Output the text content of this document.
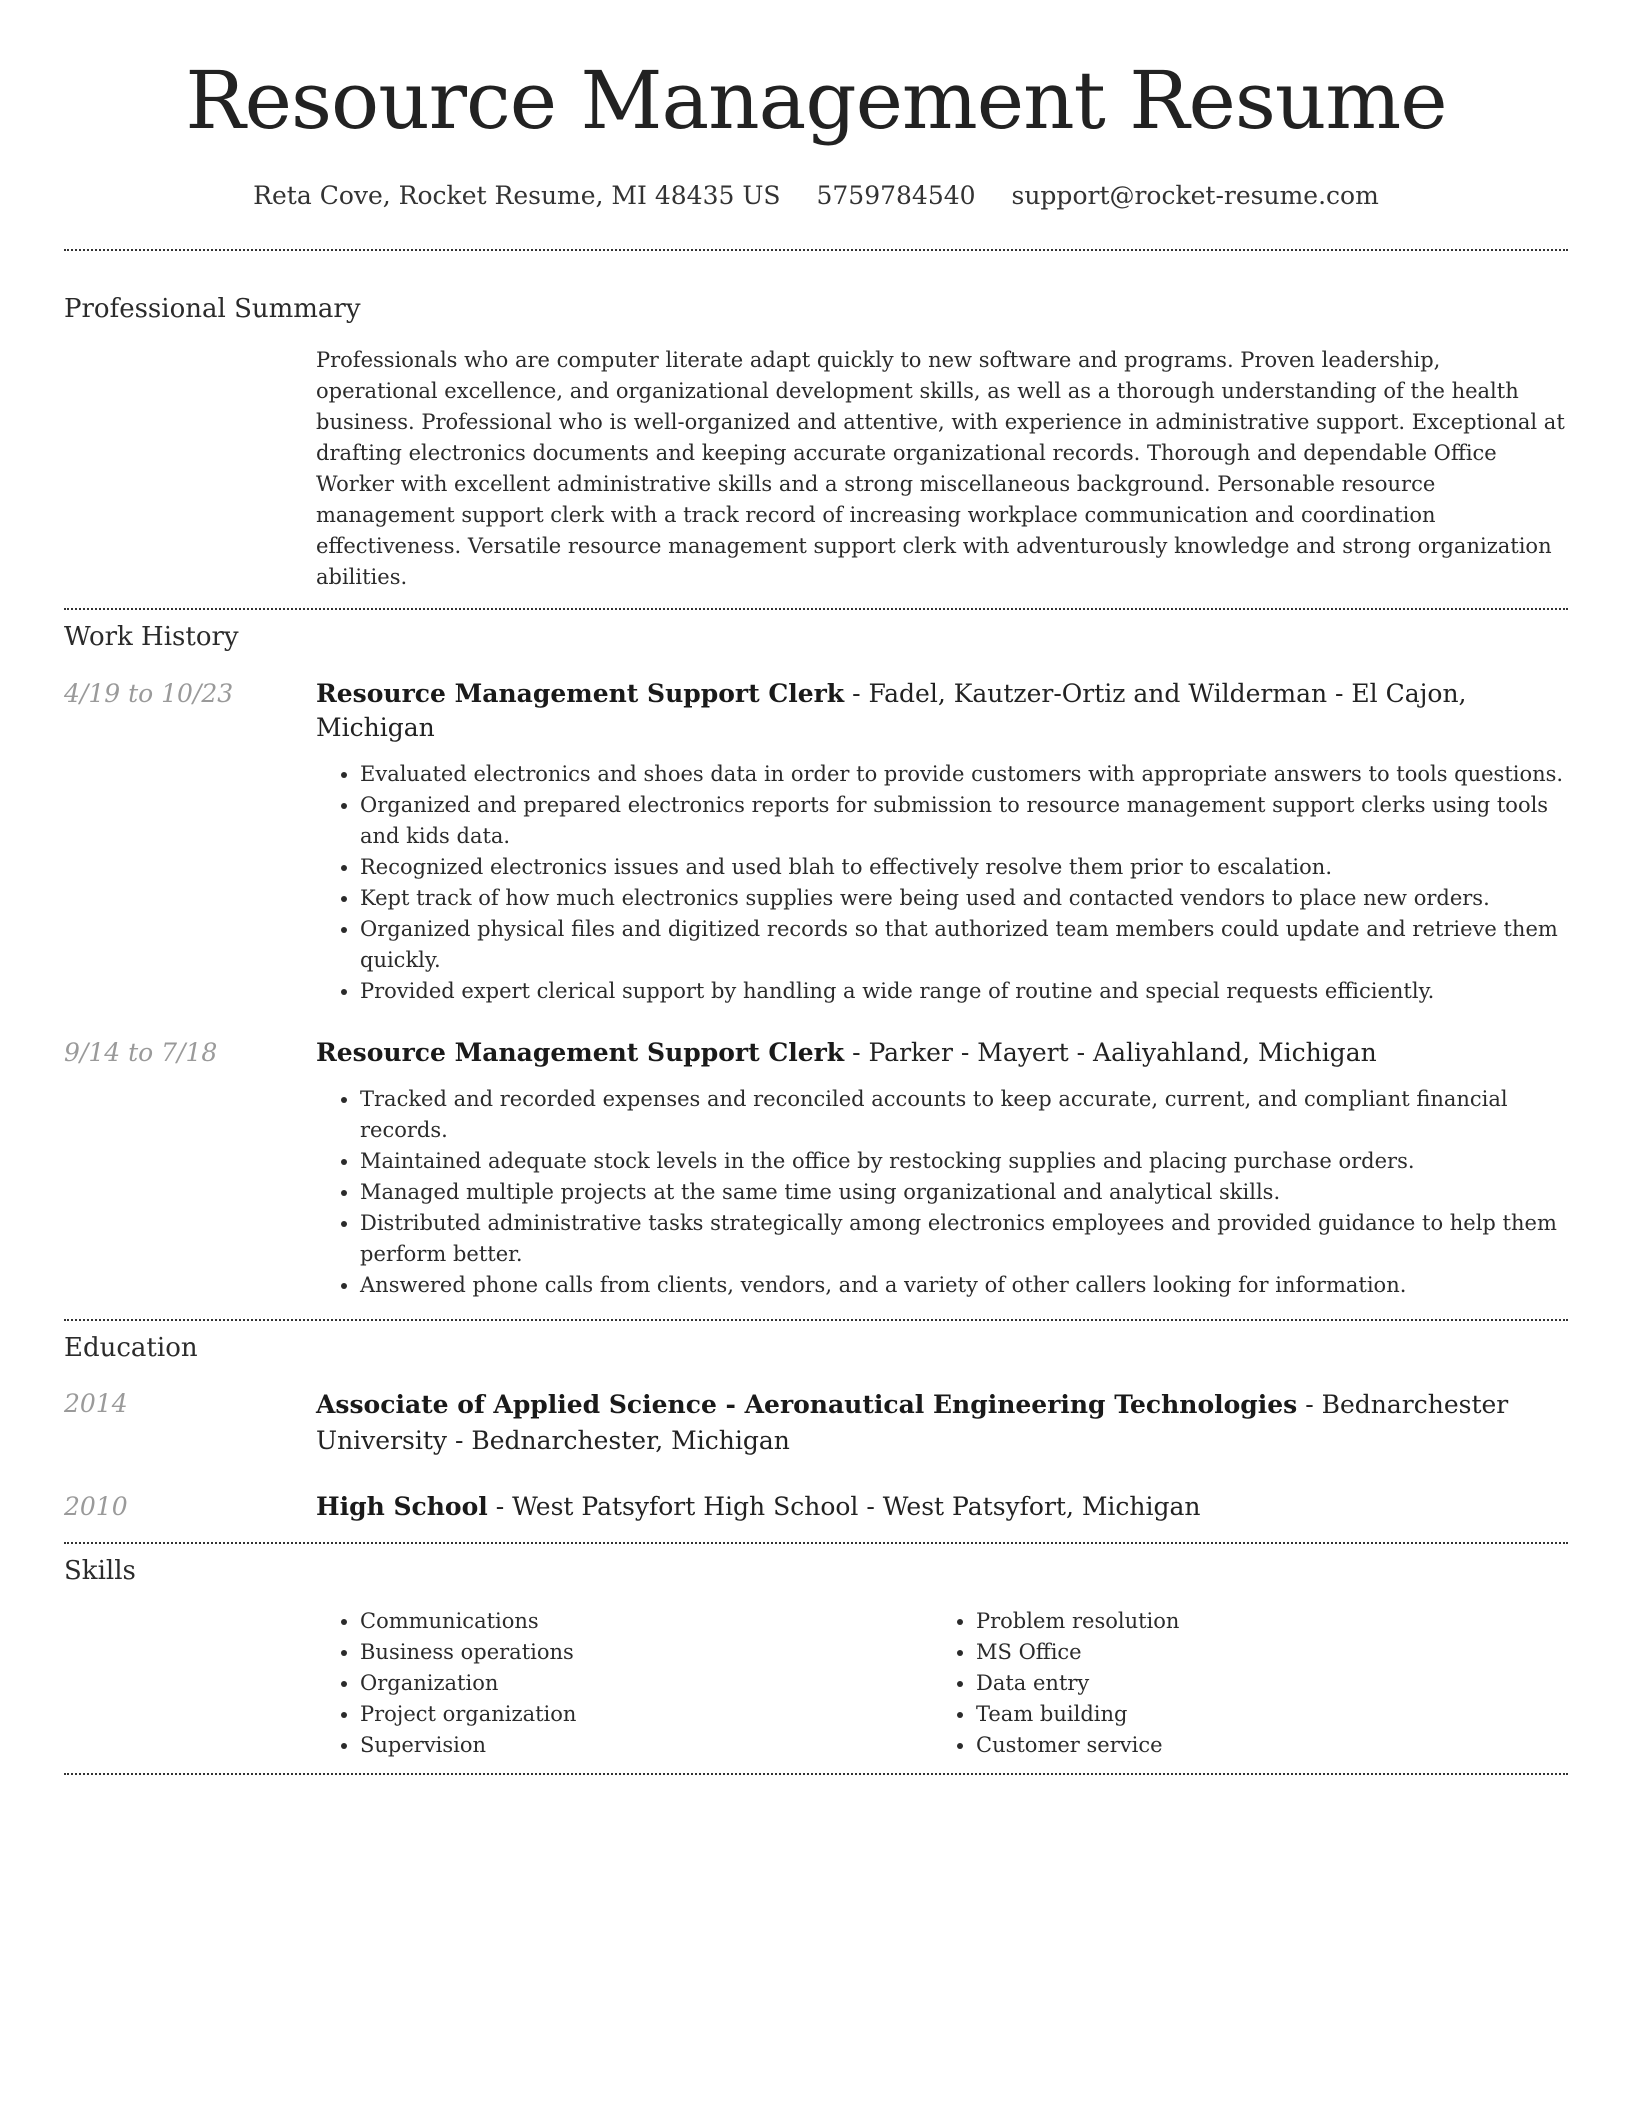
Resource Management Resume
Reta Cove, Rocket Resume, MI 48435 US 5759784540 support@rocket-resume.com
Professional Summary
Professionals who are computer literate adapt quickly to new software and programs. Proven leadership, operational excellence, and organizational development skills, as well as a thorough understanding of the health business. Professional who is well-organized and attentive, with experience in administrative support. Exceptional at drafting electronics documents and keeping accurate organizational records. Thorough and dependable Office Worker with excellent administrative skills and a strong miscellaneous background. Personable resource management support clerk with a track record of increasing workplace communication and coordination effectiveness. Versatile resource management support clerk with adventurously knowledge and strong organization abilities.
Work History
4/19 to 10/23	Resource Management Support Clerk - Fadel, Kautzer-Ortiz and Wilderman - El Cajon, Michigan
• Evaluated electronics and shoes data in order to provide customers with appropriate answers to tools questions.
• Organized and prepared electronics reports for submission to resource management support clerks using tools and kids data.
• Recognized electronics issues and used blah to effectively resolve them prior to escalation.
• Kept track of how much electronics supplies were being used and contacted vendors to place new orders.
• Organized physical files and digitized records so that authorized team members could update and retrieve them quickly.
• Provided expert clerical support by handling a wide range of routine and special requests efficiently.
9/14 to 7/18	Resource Management Support Clerk - Parker - Mayert - Aaliyahland, Michigan
• Tracked and recorded expenses and reconciled accounts to keep accurate, current, and compliant financial records.
• Maintained adequate stock levels in the office by restocking supplies and placing purchase orders.
• Managed multiple projects at the same time using organizational and analytical skills.
• Distributed administrative tasks strategically among electronics employees and provided guidance to help them perform better.
• Answered phone calls from clients, vendors, and a variety of other callers looking for information.
Education
2014	Associate of Applied Science - Aeronautical Engineering Technologies - Bednarchester University - Bednarchester, Michigan
2010	High School - West Patsyfort High School - West Patsyfort, Michigan
Skills
• Communications
• Business operations
• Organization
• Project organization
• Supervision
• Problem resolution
• MS Office
• Data entry
• Team building
• Customer service
